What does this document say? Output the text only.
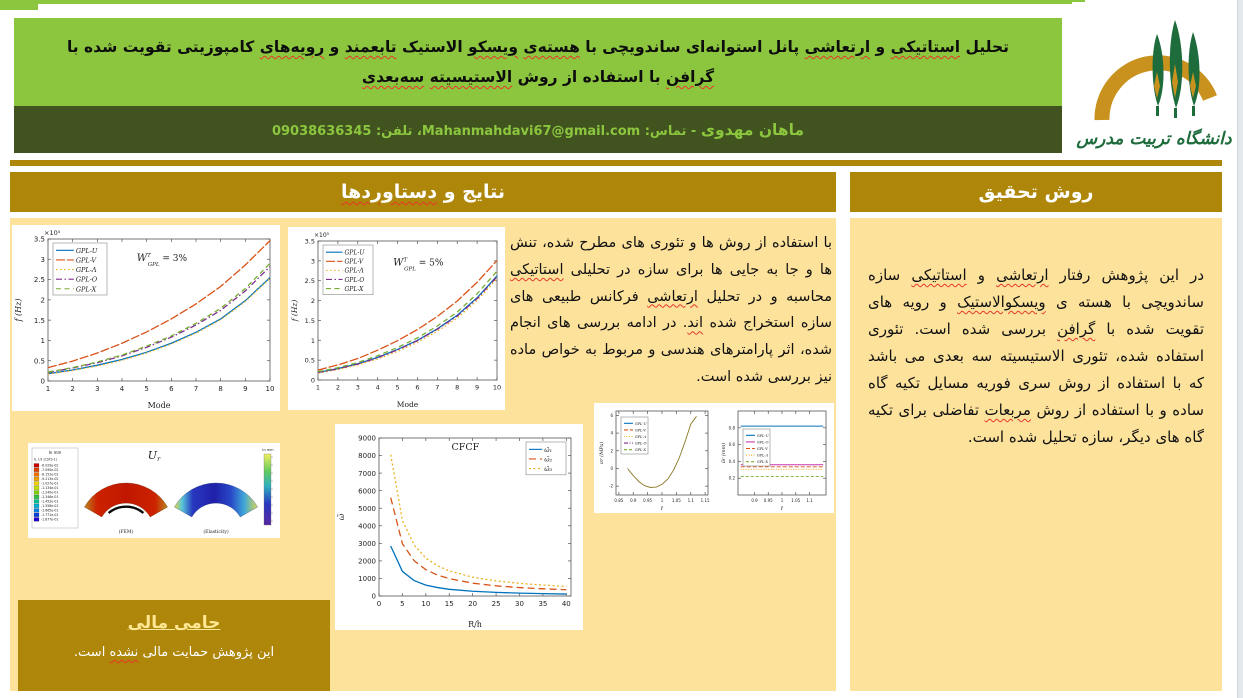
تحلیل استاتیکی و ارتعاشی پانل استوانه‌ای ساندویچی با هسته‌ی ویسکو الاستیک تابعمند و رویه‌های کامپوزیتی تقویت شده با گرافن با استفاده از روش الاستیسیته سه‌بعدی
ماهان مهدوی - تماس: Mahanmahdavi67@gmail.com، تلفن: 09038636345	دانشگاه تربیت مدرس
نتایج و دستاوردها	روش تحقیق
با استفاده از روش ها و تئوری های مطرح شده، تنش ها و جا به جایی ها برای سازه در تحلیلی استاتیکی محاسبه و در تحلیل ارتعاشی فرکانس طبیعی های سازه استخراج شده اند. در ادامه بررسی های انجام شده، اثر پارامترهای هندسی و مربوط به خواص ماده نیز بررسی شده است.
در این پژوهش رفتار ارتعاشی و استاتیکی سازه ساندویچی با هسته ی ویسکوالاستیک و رویه های تقویت شده با گرافن بررسی شده است. تئوری استفاده شده، تئوری الاستیسیته سه بعدی می باشد که با استفاده از روش سری فوریه مسایل تکیه گاه ساده و با استفاده از روش مربعات تفاضلی برای تکیه گاه های دیگر، سازه تحلیل شده است.
1	2	3	4	5	6	7	8	9	10
0
0.5
1
1.5
2
2.5
3
3.5
×10⁵
Mode
f (Hz)
$W^T$ GPL = 3%
GPL-U
GPL-V
GPL-Λ
GPL-O
GPL-X
1 2 3 4 5 6 7 8 9 10
0
0.5
1
1.5
2
2.5
3
3.5
×10⁵
Mode
f (Hz)
$W^T$ GPL = 5%
GPL-U
GPL-V
GPL-Λ
GPL-O
GPL-X
In mm
U, U1 (CSYS-1)
-6.029e-02
-7.090e-02
-8.152e-02
-9.213e-02
-1.027e-01
-1.134e-01
-1.240e-01
-1.346e-01
-1.452e-01
-1.558e-01
-1.665e-01
-1.771e-01
-1.877e-01
Ur
(FEM)	(Elasticity)
In mm
0	5 10 15 20 25 30 35 40
0
1000
2000
3000
4000
5000
6000
7000
8000
9000
R/h
ω̄
CFCF	ω̄₁
ω̄₂
ω̄₃
0.85 0.9 0.95 1 1.05 1.1 1.15
-2
0
2
4
6
r̄
σr (MPa)
GPL-U
GPL-V
GPL-Λ
GPL-O
GPL-X
0.9 0.95 1 1.05 1.1
0.2
0.4
0.6
0.8
r̄
ūr (mm)
GPL-U
GPL-O
GPL-V
GPL-Λ
GPL-X
حامی مالی
این پژوهش حمایت مالی نشده است.
